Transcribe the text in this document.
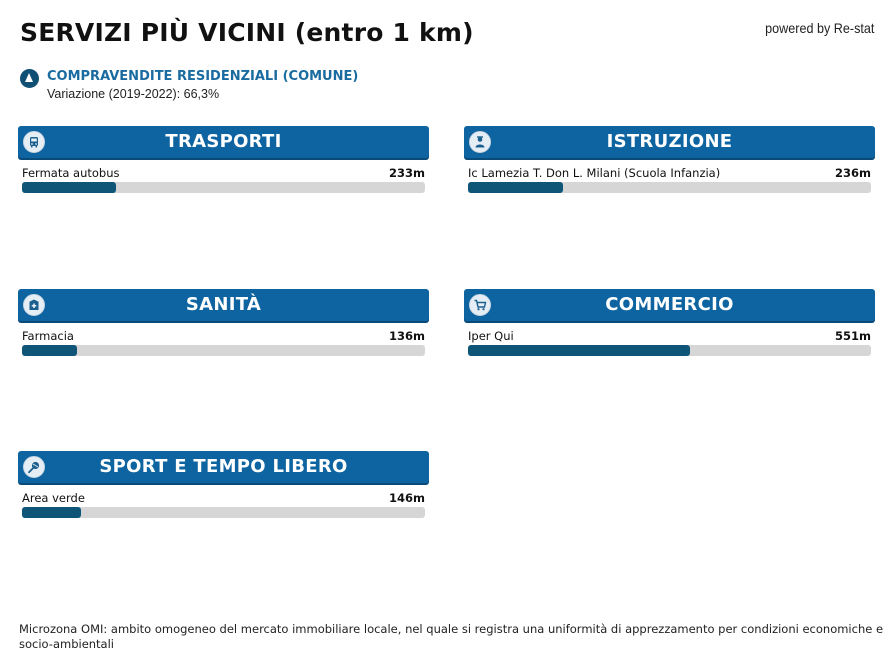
SERVIZI PIÙ VICINI (entro 1 km)	powered by Re-stat
COMPRAVENDITE RESIDENZIALI (COMUNE)
Variazione (2019-2022): 66,3%
TRASPORTI
Fermata autobus	233m
ISTRUZIONE
Ic Lamezia T. Don L. Milani (Scuola Infanzia)	236m
SANITÀ
Farmacia	136m
COMMERCIO
Iper Qui	551m
SPORT E TEMPO LIBERO
Area verde	146m
Microzona OMI: ambito omogeneo del mercato immobiliare locale, nel quale si registra una uniformità di apprezzamento per condizioni economiche e socio-ambientali
